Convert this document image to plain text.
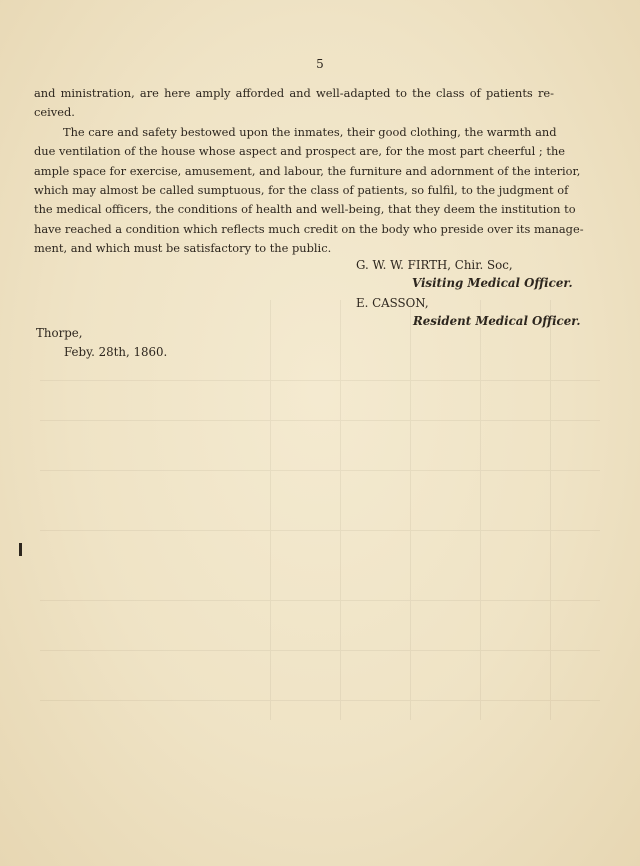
5

and ministration, are here amply afforded and well-adapted to the class of patients re-
ceived.

The care and safety bestowed upon the inmates, their good clothing, the warmth and
due ventilation of the house whose aspect and prospect are, for the most part cheerful ; the
ample space for exercise, amusement, and labour, the furniture and adornment of the interior,
which may almost be called sumptuous, for the class of patients, so fulfil, to the judgment of
the medical officers, the conditions of health and well-being, that they deem the institution to
have reached a condition which reflects much credit on the body who preside over its manage-
ment, and which must be satisfactory to the public.

G. W. W. FIRTH, Chir. Soc,
Visiting Medical Officer.
E. CASSON,
Resident Medical Officer.
Thorpe,
Feby. 28th, 1860.
